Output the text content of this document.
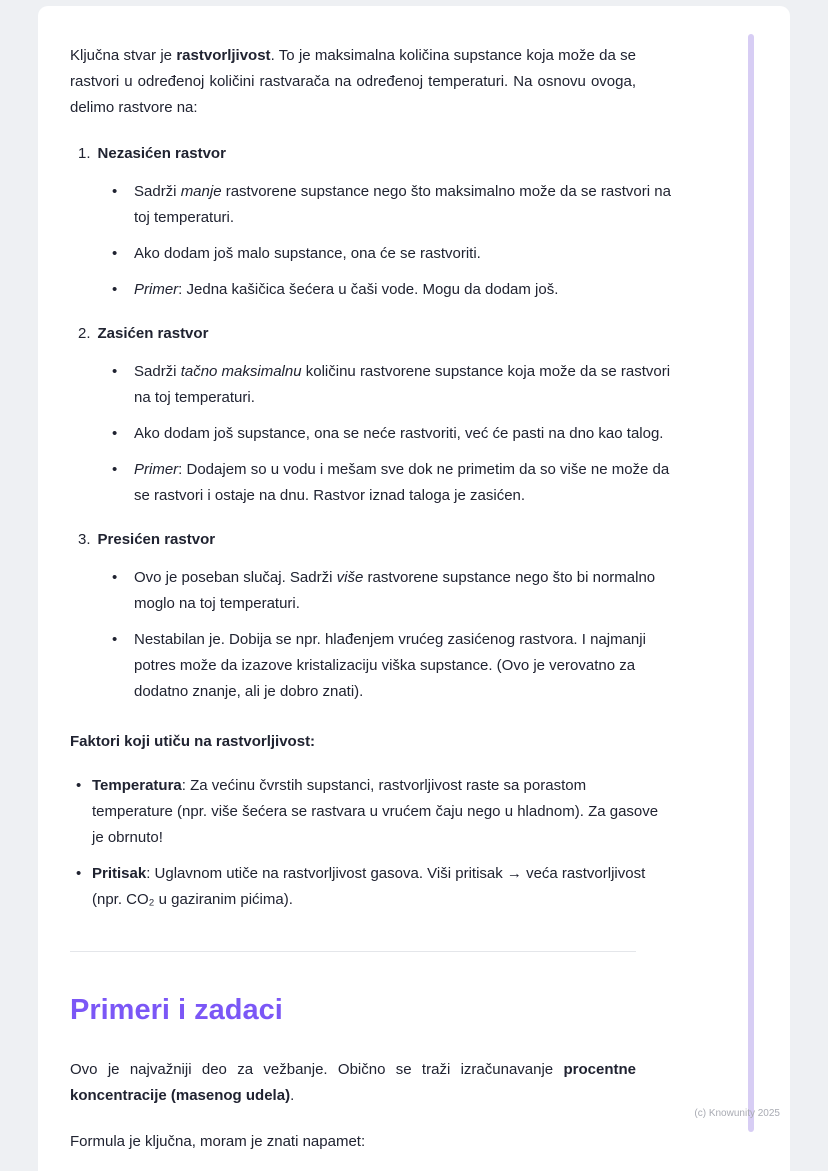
Ključna stvar je rastvorljivost. To je maksimalna količina supstance koja može da se rastvori u određenoj količini rastvarača na određenoj temperaturi. Na osnovu ovoga, delimo rastvore na:

1. Nezasićen rastvor

•	Sadrži manje rastvorene supstance nego što maksimalno može da se rastvori na toj temperaturi.

•	Ako dodam još malo supstance, ona će se rastvoriti.

•	Primer: Jedna kašičica šećera u čaši vode. Mogu da dodam još.

2. Zasićen rastvor

•	Sadrži tačno maksimalnu količinu rastvorene supstance koja može da se rastvori na toj temperaturi.

•	Ako dodam još supstance, ona se neće rastvoriti, već će pasti na dno kao talog.

•	Primer: Dodajem so u vodu i mešam sve dok ne primetim da so više ne može da se rastvori i ostaje na dnu. Rastvor iznad taloga je zasićen.

3. Presićen rastvor

•	Ovo je poseban slučaj. Sadrži više rastvorene supstance nego što bi normalno moglo na toj temperaturi.

•	Nestabilan je. Dobija se npr. hlađenjem vrućeg zasićenog rastvora. I najmanji potres može da izazove kristalizaciju viška supstance. (Ovo je verovatno za dodatno znanje, ali je dobro znati).

Faktori koji utiču na rastvorljivost:

• Temperatura: Za većinu čvrstih supstanci, rastvorljivost raste sa porastom temperature (npr. više šećera se rastvara u vrućem čaju nego u hladnom). Za gasove je obrnuto!

• Pritisak: Uglavnom utiče na rastvorljivost gasova. Viši pritisak → veća rastvorljivost (npr. CO₂ u gaziranim pićima).

Primeri i zadaci

Ovo je najvažniji deo za vežbanje. Obično se traži izračunavanje procentne koncentracije (masenog udela).

Formula je ključna, moram je znati napamet:

(c) Knowunity 2025
